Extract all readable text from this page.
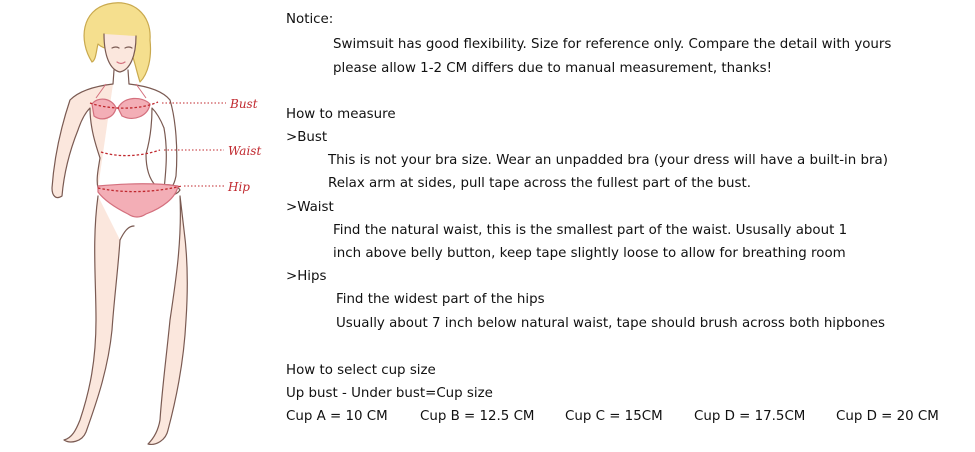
Bust
Waist
Hip
Notice:
Swimsuit has good flexibility. Size for reference only. Compare the detail with yours
please allow 1-2 CM differs due to manual measurement, thanks!
How to measure
>Bust
This is not your bra size. Wear an unpadded bra (your dress will have a built-in bra)
Relax arm at sides, pull tape across the fullest part of the bust.
>Waist
Find the natural waist, this is the smallest part of the waist. Ususally about 1
inch above belly button, keep tape slightly loose to allow for breathing room
>Hips
Find the widest part of the hips
Usually about 7 inch below natural waist, tape should brush across both hipbones
How to select cup size
Up bust - Under bust=Cup size
Cup A = 10 CM Cup B = 12.5 CM Cup C = 15CM Cup D = 17.5CM Cup D = 20 CM
